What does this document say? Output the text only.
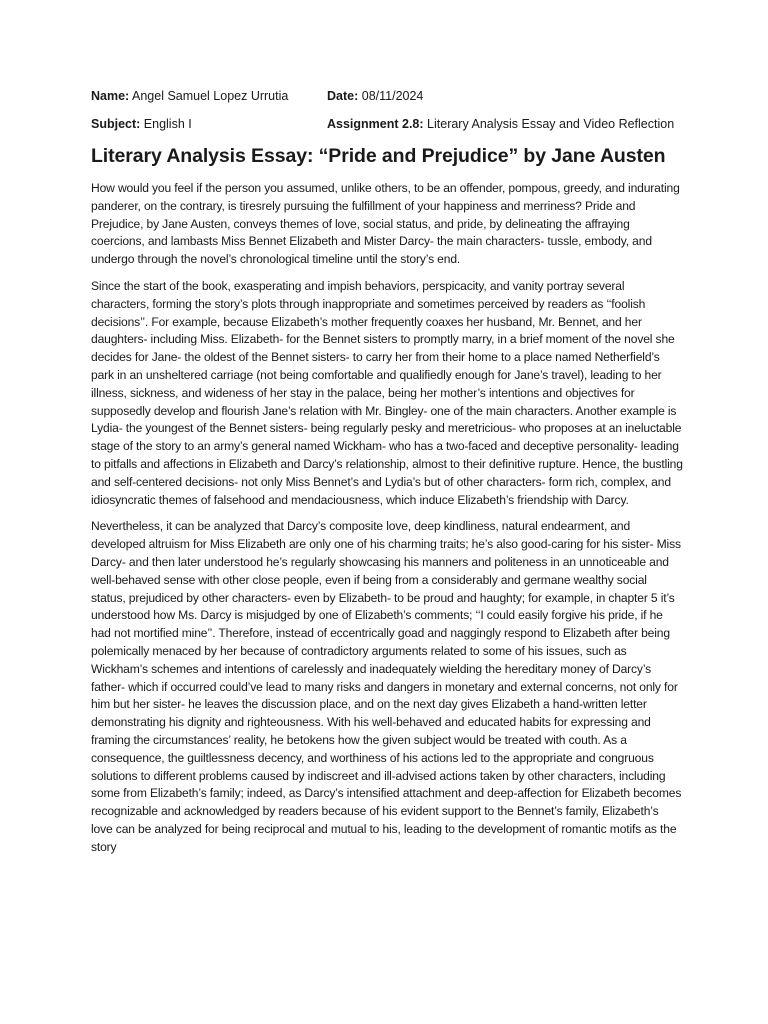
Name: Angel Samuel Lopez Urrutia	Date: 08/11/2024
Subject: English I	Assignment 2.8: Literary Analysis Essay and Video Reflection
Literary Analysis Essay: “Pride and Prejudice” by Jane Austen

How would you feel if the person you assumed, unlike others, to be an offender, pompous, greedy, and indurating panderer, on the contrary, is tiresrely pursuing the fulfillment of your happiness and merriness? Pride and Prejudice, by Jane Austen, conveys themes of love, social status, and pride, by delineating the affraying coercions, and lambasts Miss Bennet Elizabeth and Mister Darcy- the main characters- tussle, embody, and undergo through the novel’s chronological timeline until the story’s end.

Since the start of the book, exasperating and impish behaviors, perspicacity, and vanity portray several characters, forming the story’s plots through inappropriate and sometimes perceived by readers as ‘‘foolish decisions’’. For example, because Elizabeth’s mother frequently coaxes her husband, Mr. Bennet, and her daughters- including Miss. Elizabeth- for the Bennet sisters to promptly marry, in a brief moment of the novel she decides for Jane- the oldest of the Bennet sisters- to carry her from their home to a place named Netherfield’s park in an unsheltered carriage (not being comfortable and qualifiedly enough for Jane’s travel), leading to her illness, sickness, and wideness of her stay in the palace, being her mother’s intentions and objectives for supposedly develop and flourish Jane’s relation with Mr. Bingley- one of the main characters. Another example is Lydia- the youngest of the Bennet sisters- being regularly pesky and meretricious- who proposes at an ineluctable stage of the story to an army’s general named Wickham- who has a two-faced and deceptive personality- leading to pitfalls and affections in Elizabeth and Darcy’s relationship, almost to their definitive rupture. Hence, the bustling and self-centered decisions- not only Miss Bennet’s and Lydia’s but of other characters- form rich, complex, and idiosyncratic themes of falsehood and mendaciousness, which induce Elizabeth’s friendship with Darcy.

Nevertheless, it can be analyzed that Darcy’s composite love, deep kindliness, natural endearment, and developed altruism for Miss Elizabeth are only one of his charming traits; he’s also good-caring for his sister- Miss Darcy- and then later understood he’s regularly showcasing his manners and politeness in an unnoticeable and well-behaved sense with other close people, even if being from a considerably and germane wealthy social status, prejudiced by other characters- even by Elizabeth- to be proud and haughty; for example, in chapter 5 it’s understood how Ms. Darcy is misjudged by one of Elizabeth’s comments; ‘‘I could easily forgive his pride, if he had not mortified mine’’. Therefore, instead of eccentrically goad and naggingly respond to Elizabeth after being polemically menaced by her because of contradictory arguments related to some of his issues, such as Wickham’s schemes and intentions of carelessly and inadequately wielding the hereditary money of Darcy’s father- which if occurred could’ve lead to many risks and dangers in monetary and external concerns, not only for him but her sister- he leaves the discussion place, and on the next day gives Elizabeth a hand-written letter demonstrating his dignity and righteousness. With his well-behaved and educated habits for expressing and framing the circumstances’ reality, he betokens how the given subject would be treated with couth. As a consequence, the guiltlessness decency, and worthiness of his actions led to the appropriate and congruous solutions to different problems caused by indiscreet and ill-advised actions taken by other characters, including some from Elizabeth’s family; indeed, as Darcy’s intensified attachment and deep-affection for Elizabeth becomes recognizable and acknowledged by readers because of his evident support to the Bennet’s family, Elizabeth’s love can be analyzed for being reciprocal and mutual to his, leading to the development of romantic motifs as the story
